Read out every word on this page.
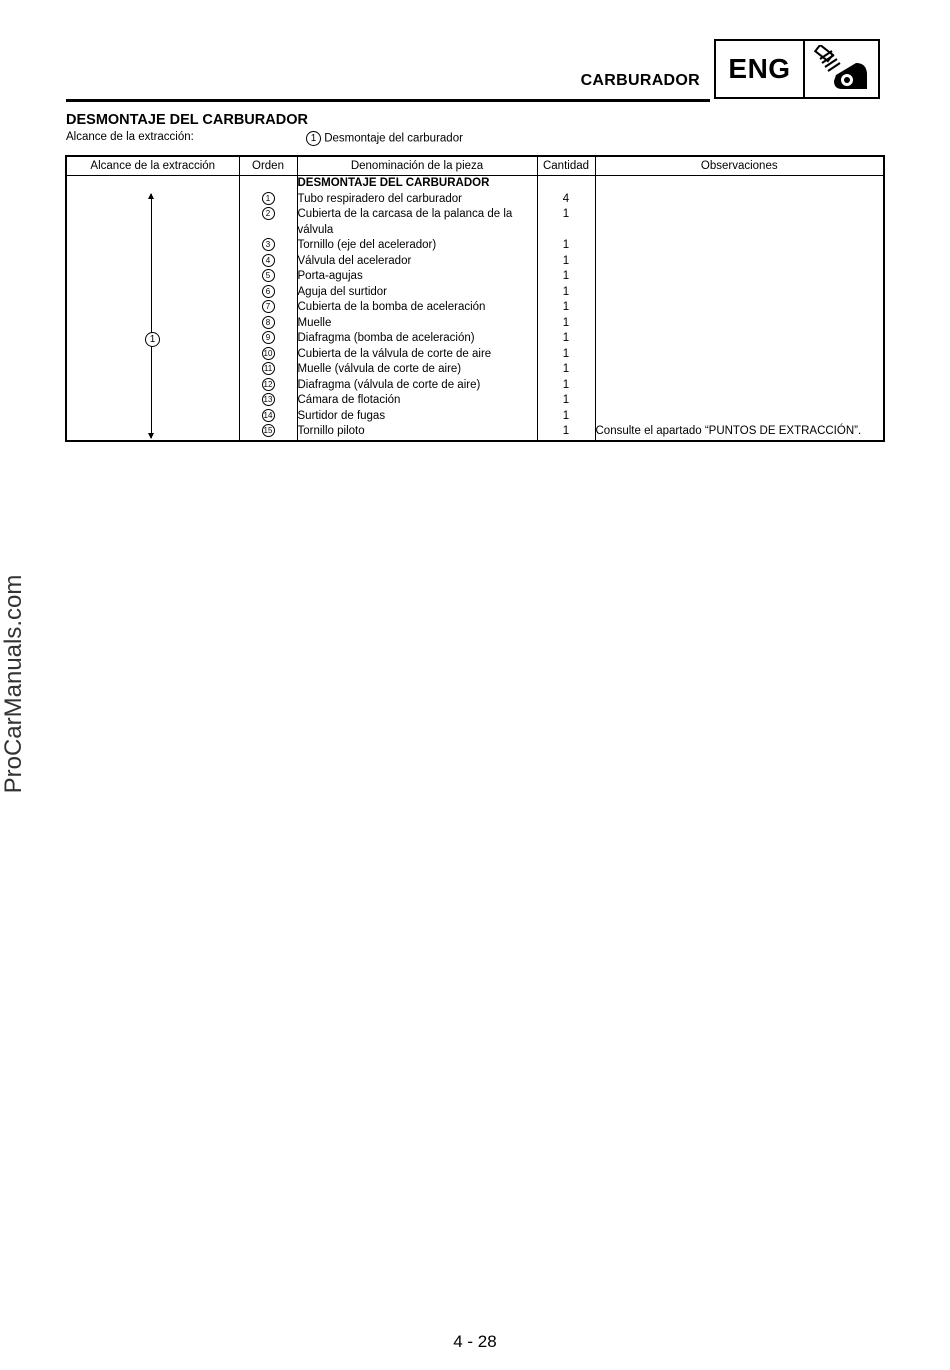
CARBURADOR	ENG
DESMONTAJE DEL CARBURADOR
Alcance de la extracción:	1 Desmontaje del carburador
Alcance de la extracción	Orden	Denominación de la pieza	Cantidad	Observaciones

1		DESMONTAJE DEL CARBURADOR		
	1	Tubo respiradero del carburador	4	
	2	Cubierta de la carcasa de la palanca de la válvula	1	
	3	Tornillo (eje del acelerador)	1	
	4	Válvula del acelerador	1	
	5	Porta-agujas	1	
	6	Aguja del surtidor	1	
	7	Cubierta de la bomba de aceleración	1	
	8	Muelle	1	
	9	Diafragma (bomba de aceleración)	1	
	10	Cubierta de la válvula de corte de aire	1	
	11	Muelle (válvula de corte de aire)	1	
	12	Diafragma (válvula de corte de aire)	1	
	13	Cámara de flotación	1	
	14	Surtidor de fugas	1	
	15	Tornillo piloto	1	Consulte el apartado “PUNTOS DE EXTRACCIÓN”.
ProCarManuals.com
4 - 28
